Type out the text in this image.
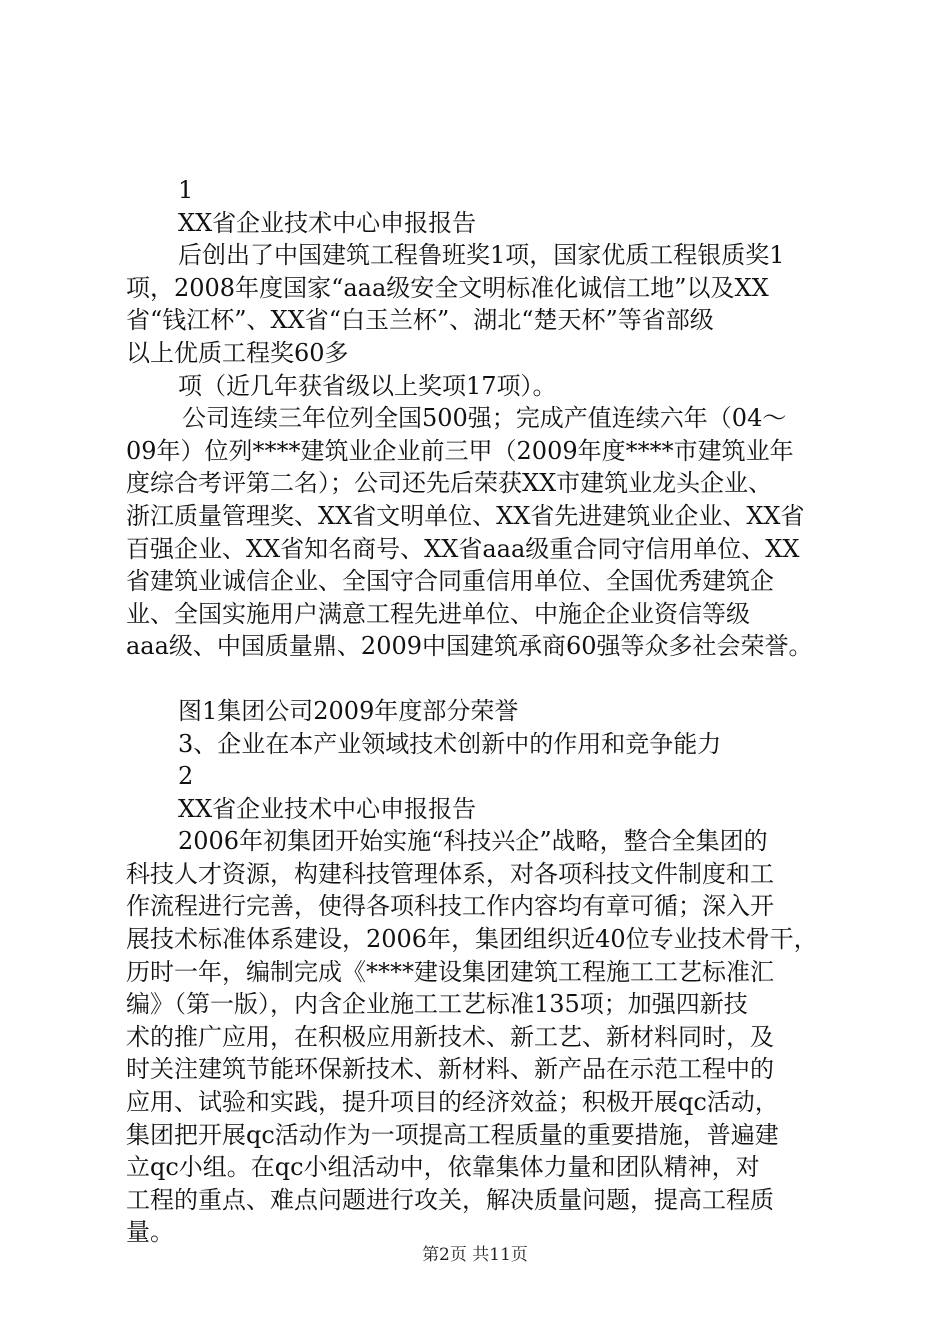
1
XX省企业技术中心申报报告
后创出了中国建筑工程鲁班奖1项，国家优质工程银质奖1
项，2008年度国家“aaa级安全文明标准化诚信工地”以及XX
省“钱江杯”、XX省“白玉兰杯”、湖北“楚天杯”等省部级
以上优质工程奖60多
项（近几年获省级以上奖项17项）。
公司连续三年位列全国500强；完成产值连续六年（04～
09年）位列****建筑业企业前三甲（2009年度****市建筑业年
度综合考评第二名）；公司还先后荣获XX市建筑业龙头企业、
浙江质量管理奖、XX省文明单位、XX省先进建筑业企业、XX省
百强企业、XX省知名商号、XX省aaa级重合同守信用单位、XX
省建筑业诚信企业、全国守合同重信用单位、全国优秀建筑企
业、全国实施用户满意工程先进单位、中施企企业资信等级
aaa级、中国质量鼎、2009中国建筑承商60强等众多社会荣誉。
图1集团公司2009年度部分荣誉
3、企业在本产业领域技术创新中的作用和竞争能力
2
XX省企业技术中心申报报告
2006年初集团开始实施“科技兴企”战略，整合全集团的
科技人才资源，构建科技管理体系，对各项科技文件制度和工
作流程进行完善，使得各项科技工作内容均有章可循；深入开
展技术标准体系建设，2006年，集团组织近40位专业技术骨干，
历时一年，编制完成《****建设集团建筑工程施工工艺标准汇
编》（第一版），内含企业施工工艺标准135项；加强四新技
术的推广应用，在积极应用新技术、新工艺、新材料同时，及
时关注建筑节能环保新技术、新材料、新产品在示范工程中的
应用、试验和实践，提升项目的经济效益；积极开展qc活动，
集团把开展qc活动作为一项提高工程质量的重要措施，普遍建
立qc小组。在qc小组活动中，依靠集体力量和团队精神，对
工程的重点、难点问题进行攻关，解决质量问题，提高工程质
量。
第2页 共11页
